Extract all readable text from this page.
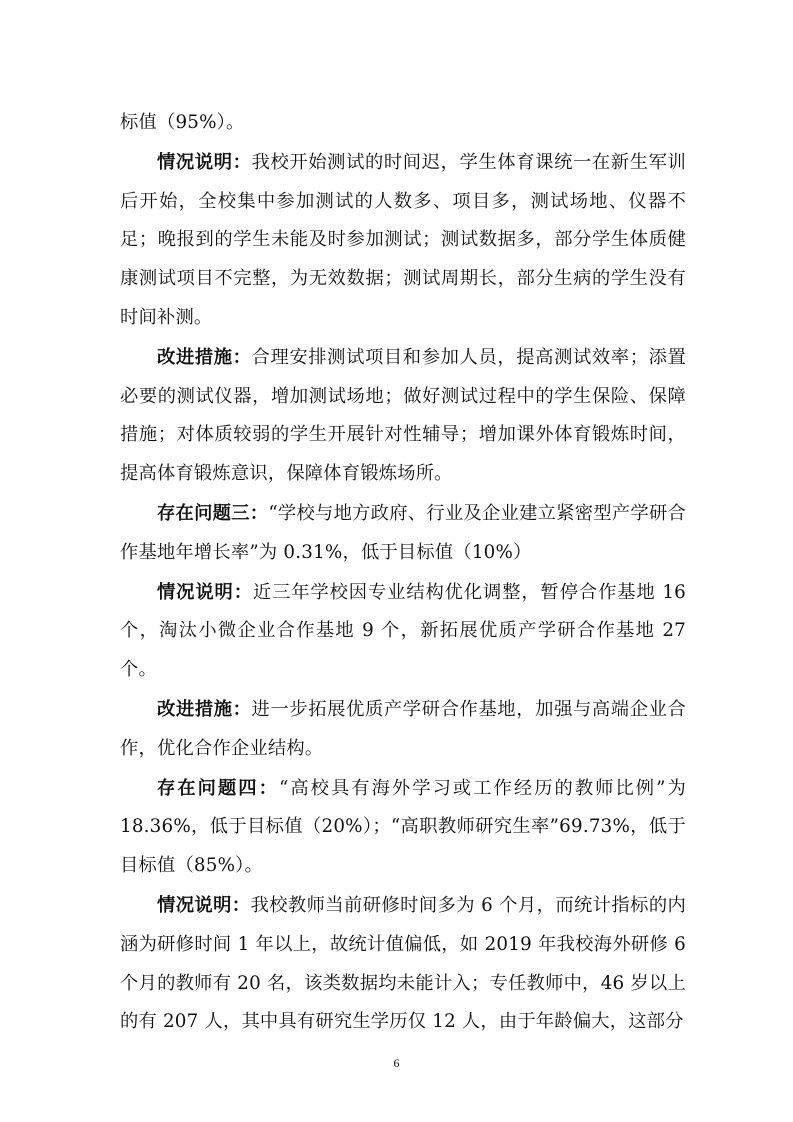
标值（95%）。

情况说明：我校开始测试的时间迟，学生体育课统一在新生军训后开始，全校集中参加测试的人数多、项目多，测试场地、仪器不足；晚报到的学生未能及时参加测试；测试数据多，部分学生体质健康测试项目不完整，为无效数据；测试周期长，部分生病的学生没有时间补测。

改进措施：合理安排测试项目和参加人员，提高测试效率；添置必要的测试仪器，增加测试场地；做好测试过程中的学生保险、保障措施；对体质较弱的学生开展针对性辅导；增加课外体育锻炼时间，提高体育锻炼意识，保障体育锻炼场所。

存在问题三：“学校与地方政府、行业及企业建立紧密型产学研合作基地年增长率”为 0.31%，低于目标值（10%）

情况说明：近三年学校因专业结构优化调整，暂停合作基地 16 个，淘汰小微企业合作基地 9 个，新拓展优质产学研合作基地 27 个。

改进措施：进一步拓展优质产学研合作基地，加强与高端企业合作，优化合作企业结构。

存在问题四：“高校具有海外学习或工作经历的教师比例”为 18.36%，低于目标值（20%）；“高职教师研究生率”69.73%，低于目标值（85%）。

情况说明：我校教师当前研修时间多为 6 个月，而统计指标的内涵为研修时间 1 年以上，故统计值偏低，如 2019 年我校海外研修 6 个月的教师有 20 名，该类数据均未能计入；专任教师中，46 岁以上的有 207 人，其中具有研究生学历仅 12 人，由于年龄偏大，这部分

6
